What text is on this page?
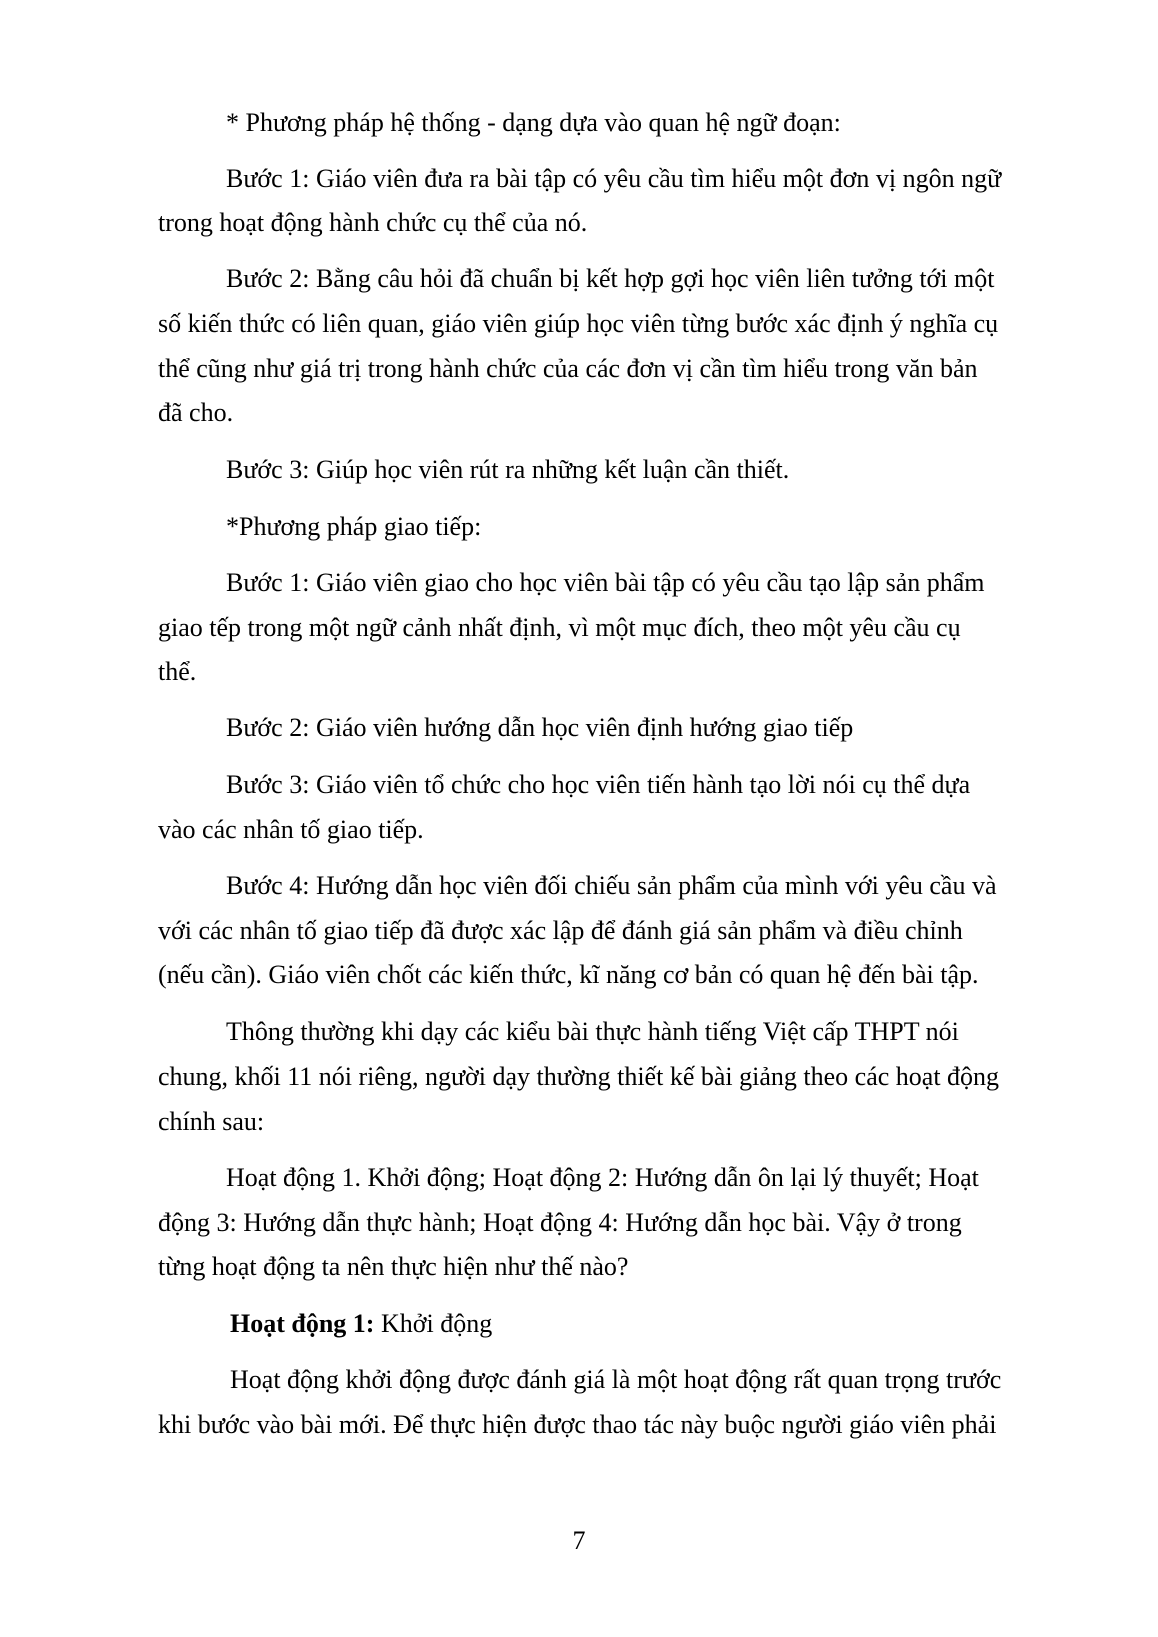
* Phương pháp hệ thống - dạng dựa vào quan hệ ngữ đoạn:
Bước 1: Giáo viên đưa ra bài tập có yêu cầu tìm hiểu một đơn vị ngôn ngữ
trong hoạt động hành chức cụ thể của nó.
Bước 2: Bằng câu hỏi đã chuẩn bị kết hợp gợi học viên liên tưởng tới một
số kiến thức có liên quan, giáo viên giúp học viên từng bước xác định ý nghĩa cụ
thể cũng như giá trị trong hành chức của các đơn vị cần tìm hiểu trong văn bản
đã cho.
Bước 3: Giúp học viên rút ra những kết luận cần thiết.
*Phương pháp giao tiếp:
Bước 1: Giáo viên giao cho học viên bài tập có yêu cầu tạo lập sản phẩm
giao tếp trong một ngữ cảnh nhất định, vì một mục đích, theo một yêu cầu cụ
thể.
Bước 2: Giáo viên hướng dẫn học viên định hướng giao tiếp
Bước 3: Giáo viên tổ chức cho học viên tiến hành tạo lời nói cụ thể dựa
vào các nhân tố giao tiếp.
Bước 4: Hướng dẫn học viên đối chiếu sản phẩm của mình với yêu cầu và
với các nhân tố giao tiếp đã được xác lập để đánh giá sản phẩm và điều chỉnh
(nếu cần). Giáo viên chốt các kiến thức, kĩ năng cơ bản có quan hệ đến bài tập.
Thông thường khi dạy các kiểu bài thực hành tiếng Việt cấp THPT nói
chung, khối 11 nói riêng, người dạy thường thiết kế bài giảng theo các hoạt động
chính sau:
Hoạt động 1. Khởi động; Hoạt động 2: Hướng dẫn ôn lại lý thuyết; Hoạt
động 3: Hướng dẫn thực hành; Hoạt động 4: Hướng dẫn học bài. Vậy ở trong
từng hoạt động ta nên thực hiện như thế nào?
Hoạt động 1: Khởi động
Hoạt động khởi động được đánh giá là một hoạt động rất quan trọng trước
khi bước vào bài mới. Để thực hiện được thao tác này buộc người giáo viên phải
7
